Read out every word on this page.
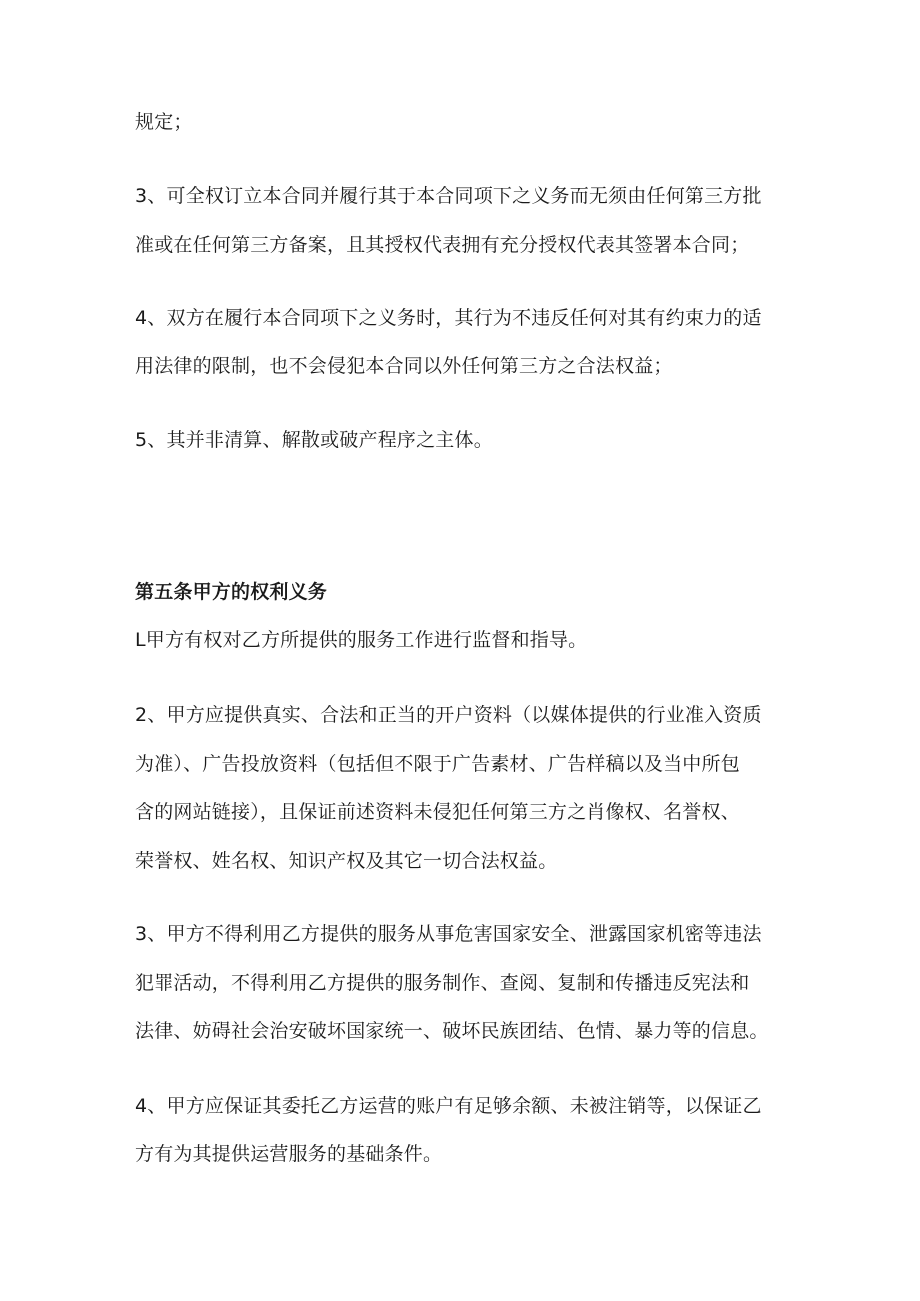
规定；
3、可全权订立本合同并履行其于本合同项下之义务而无须由任何第三方批
准或在任何第三方备案，且其授权代表拥有充分授权代表其签署本合同；
4、双方在履行本合同项下之义务时，其行为不违反任何对其有约束力的适
用法律的限制，也不会侵犯本合同以外任何第三方之合法权益；
5、其并非清算、解散或破产程序之主体。
第五条甲方的权利义务
L甲方有权对乙方所提供的服务工作进行监督和指导。
2、甲方应提供真实、合法和正当的开户资料（以媒体提供的行业准入资质
为准）、广告投放资料（包括但不限于广告素材、广告样稿以及当中所包
含的网站链接），且保证前述资料未侵犯任何第三方之肖像权、名誉权、
荣誉权、姓名权、知识产权及其它一切合法权益。
3、甲方不得利用乙方提供的服务从事危害国家安全、泄露国家机密等违法
犯罪活动，不得利用乙方提供的服务制作、查阅、复制和传播违反宪法和
法律、妨碍社会治安破坏国家统一、破坏民族团结、色情、暴力等的信息。
4、甲方应保证其委托乙方运营的账户有足够余额、未被注销等，以保证乙
方有为其提供运营服务的基础条件。
